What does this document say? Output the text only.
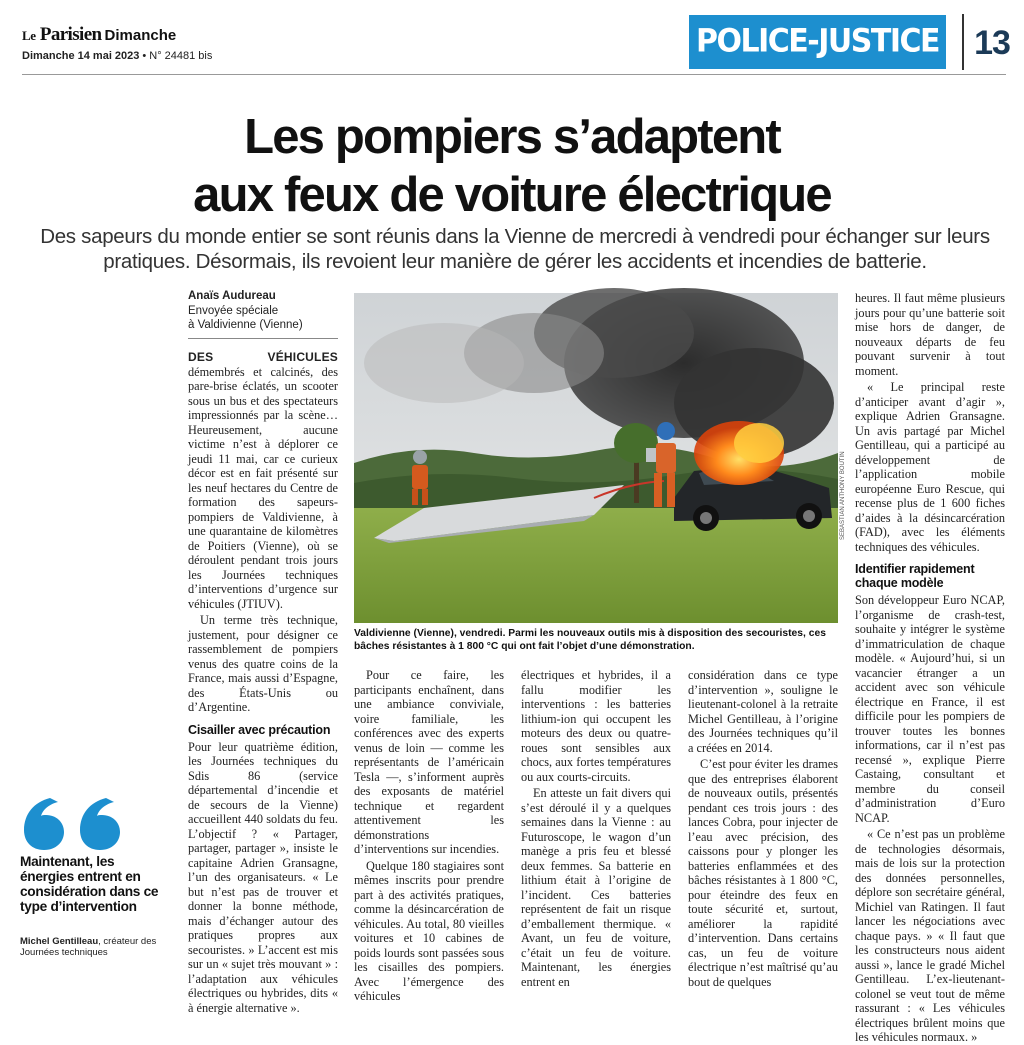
Le Parisien Dimanche
Dimanche 14 mai 2023 • N° 24481 bis	POLICE-JUSTICE 13
Les pompiers s’adaptent
aux feux de voiture électrique

Des sapeurs du monde entier se sont réunis dans la Vienne de mercredi à vendredi pour échanger sur leurs pratiques. Désormais, ils revoient leur manière de gérer les accidents et incendies de batterie.

Anaïs Audureau
Envoyée spéciale
à Valdivienne (Vienne)

DES VÉHICULES démembrés et calcinés, des pare-brise éclatés, un scooter sous un bus et des spectateurs impressionnés par la scène… Heureusement, aucune victime n’est à déplorer ce jeudi 11 mai, car ce curieux décor est en fait présenté sur les neuf hectares du Centre de formation des sapeurs-pompiers de Valdivienne, à une quarantaine de kilomètres de Poitiers (Vienne), où se déroulent pendant trois jours les Journées techniques d’interventions d’urgence sur véhicules (JTIUV).

Un terme très technique, justement, pour désigner ce rassemblement de pompiers venus des quatre coins de la France, mais aussi d’Espagne, des États-Unis ou d’Argentine.

Cisailler avec précaution

Pour leur quatrième édition, les Journées techniques du Sdis 86 (service départemental d’incendie et de secours de la Vienne) accueillent 440 soldats du feu. L’objectif ? « Partager, partager, partager », insiste le capitaine Adrien Gransagne, l’un des organisateurs. « Le but n’est pas de trouver et donner la bonne méthode, mais d’échanger autour des pratiques propres aux secouristes. » L’accent est mis sur un « sujet très mouvant » : l’adaptation aux véhicules électriques ou hybrides, dits « à énergie alternative ».

SEBASTIAN ANTHONY BOUTIN
Valdivienne (Vienne), vendredi. Parmi les nouveaux outils mis à disposition des secouristes, ces bâches résistantes à 1 800 °C qui ont fait l’objet d’une démonstration.

Pour ce faire, les participants enchaînent, dans une ambiance conviviale, voire familiale, les conférences avec des experts venus de loin — comme les représentants de l’américain Tesla —, s’informent auprès des exposants de matériel technique et regardent attentivement les démonstrations d’interventions sur incendies.

Quelque 180 stagiaires sont mêmes inscrits pour prendre part à des activités pratiques, comme la désincarcération de véhicules. Au total, 80 vieilles voitures et 10 cabines de poids lourds sont passées sous les cisailles des pompiers. Avec l’émergence des véhicules

électriques et hybrides, il a fallu modifier les interventions : les batteries lithium-ion qui occupent les moteurs des deux ou quatre-roues sont sensibles aux chocs, aux fortes températures ou aux courts-circuits.

En atteste un fait divers qui s’est déroulé il y a quelques semaines dans la Vienne : au Futuroscope, le wagon d’un manège a pris feu et blessé deux femmes. Sa batterie en lithium était à l’origine de l’incident. Ces batteries représentent de fait un risque d’emballement thermique. « Avant, un feu de voiture, c’était un feu de voiture. Maintenant, les énergies entrent en

considération dans ce type d’intervention », souligne le lieutenant-colonel à la retraite Michel Gentilleau, à l’origine des Journées techniques qu’il a créées en 2014.

C’est pour éviter les drames que des entreprises élaborent de nouveaux outils, présentés pendant ces trois jours : des lances Cobra, pour injecter de l’eau avec précision, des caissons pour y plonger les batteries enflammées et des bâches résistantes à 1 800 °C, pour éteindre des feux en toute sécurité et, surtout, améliorer la rapidité d’intervention. Dans certains cas, un feu de voiture électrique n’est maîtrisé qu’au bout de quelques

heures. Il faut même plusieurs jours pour qu’une batterie soit mise hors de danger, de nouveaux départs de feu pouvant survenir à tout moment.

« Le principal reste d’anticiper avant d’agir », explique Adrien Gransagne. Un avis partagé par Michel Gentilleau, qui a participé au développement de l’application mobile européenne Euro Rescue, qui recense plus de 1 600 fiches d’aides à la désincarcération (FAD), avec les éléments techniques des véhicules.

Identifier rapidement chaque modèle

Son développeur Euro NCAP, l’organisme de crash-test, souhaite y intégrer le système d’immatriculation de chaque modèle. « Aujourd’hui, si un vacancier étranger a un accident avec son véhicule électrique en France, il est difficile pour les pompiers de trouver toutes les bonnes informations, car il n’est pas recensé », explique Pierre Castaing, consultant et membre du conseil d’administration d’Euro NCAP.

« Ce n’est pas un problème de technologies désormais, mais de lois sur la protection des données personnelles, déplore son secrétaire général, Michiel van Ratingen. Il faut lancer les négociations avec chaque pays. » « Il faut que les constructeurs nous aident aussi », lance le gradé Michel Gentilleau. L’ex-lieutenant-colonel se veut tout de même rassurant : « Les véhicules électriques brûlent moins que les véhicules normaux. »

Maintenant, les énergies entrent en considération dans ce type d’intervention
Michel Gentilleau, créateur des Journées techniques
